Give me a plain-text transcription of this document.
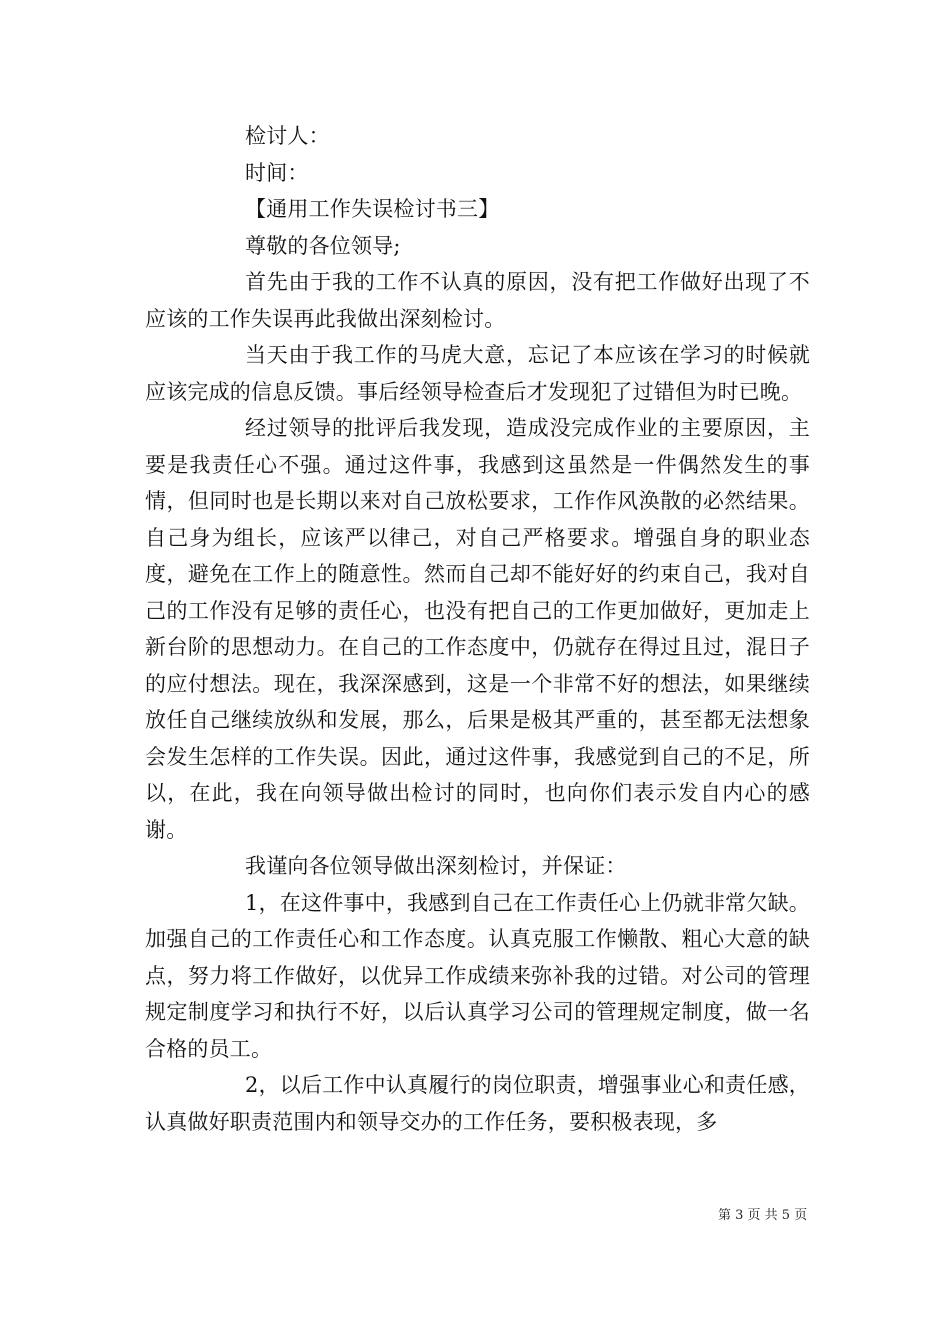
检讨人：

时间：

【通用工作失误检讨书三】

尊敬的各位领导;

首先由于我的工作不认真的原因，没有把工作做好出现了不应该的工作失误再此我做出深刻检讨。

当天由于我工作的马虎大意，忘记了本应该在学习的时候就应该完成的信息反馈。事后经领导检查后才发现犯了过错但为时已晚。

经过领导的批评后我发现，造成没完成作业的主要原因，主要是我责任心不强。通过这件事，我感到这虽然是一件偶然发生的事情，但同时也是长期以来对自己放松要求，工作作风涣散的必然结果。自己身为组长，应该严以律己，对自己严格要求。增强自身的职业态度，避免在工作上的随意性。然而自己却不能好好的约束自己，我对自己的工作没有足够的责任心，也没有把自己的工作更加做好，更加走上新台阶的思想动力。在自己的工作态度中，仍就存在得过且过，混日子的应付想法。现在，我深深感到，这是一个非常不好的想法，如果继续放任自己继续放纵和发展，那么，后果是极其严重的，甚至都无法想象会发生怎样的工作失误。因此，通过这件事，我感觉到自己的不足，所以，在此，我在向领导做出检讨的同时，也向你们表示发自内心的感谢。

我谨向各位领导做出深刻检讨，并保证：

1，在这件事中，我感到自己在工作责任心上仍就非常欠缺。加强自己的工作责任心和工作态度。认真克服工作懒散、粗心大意的缺点，努力将工作做好，以优异工作成绩来弥补我的过错。对公司的管理规定制度学习和执行不好，以后认真学习公司的管理规定制度，做一名合格的员工。

2，以后工作中认真履行的岗位职责，增强事业心和责任感，认真做好职责范围内和领导交办的工作任务，要积极表现，多

第 3 页 共 5 页
